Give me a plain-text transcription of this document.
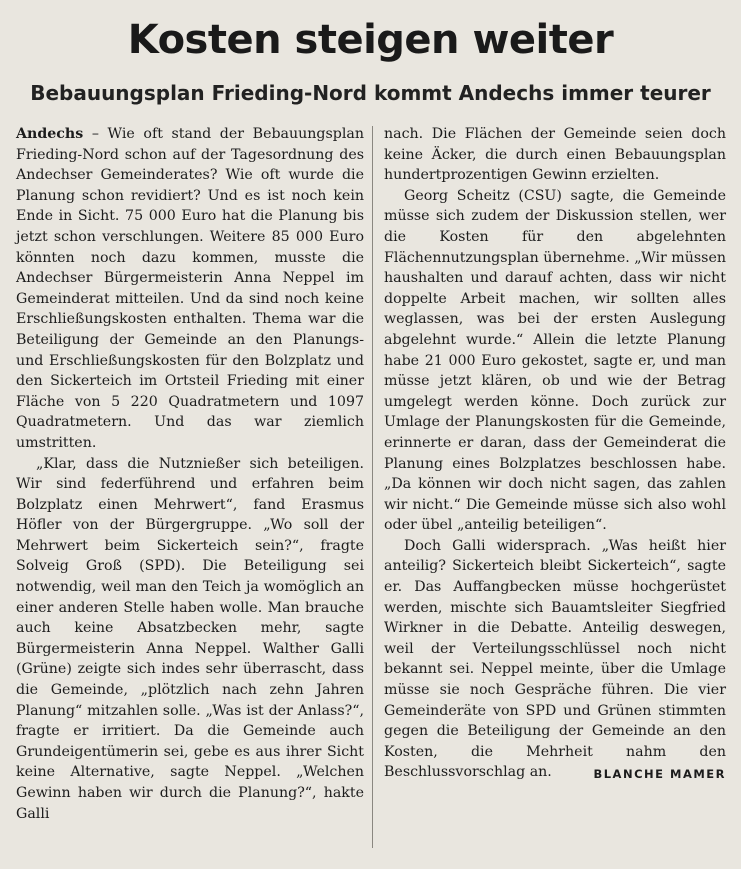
Kosten steigen weiter
Bebauungsplan Frieding-Nord kommt Andechs immer teurer

Andechs – Wie oft stand der Bebauungsplan Frieding-Nord schon auf der Tagesordnung des Andechser Gemeinderates? Wie oft wurde die Planung schon revidiert? Und es ist noch kein Ende in Sicht. 75 000 Euro hat die Planung bis jetzt schon verschlungen. Weitere 85 000 Euro könnten noch dazu kommen, musste die Andechser Bürgermeisterin Anna Neppel im Gemeinderat mitteilen. Und da sind noch keine Erschließungskosten enthalten. Thema war die Beteiligung der Gemeinde an den Planungs- und Erschließungskosten für den Bolzplatz und den Sickerteich im Ortsteil Frieding mit einer Fläche von 5 220 Quadratmetern und 1097 Quadratmetern. Und das war ziemlich umstritten.

„Klar, dass die Nutznießer sich beteiligen. Wir sind federführend und erfahren beim Bolzplatz einen Mehrwert“, fand Erasmus Höfler von der Bürgergruppe. „Wo soll der Mehrwert beim Sickerteich sein?“, fragte Solveig Groß (SPD). Die Beteiligung sei notwendig, weil man den Teich ja womöglich an einer anderen Stelle haben wolle. Man brauche auch keine Absatzbecken mehr, sagte Bürgermeisterin Anna Neppel. Walther Galli (Grüne) zeigte sich indes sehr überrascht, dass die Gemeinde, „plötzlich nach zehn Jahren Planung“ mitzahlen solle. „Was ist der Anlass?“, fragte er irritiert. Da die Gemeinde auch Grundeigentümerin sei, gebe es aus ihrer Sicht keine Alternative, sagte Neppel. „Welchen Gewinn haben wir durch die Planung?“, hakte Galli

nach. Die Flächen der Gemeinde seien doch keine Äcker, die durch einen Bebauungsplan hundertprozentigen Gewinn erzielten.

Georg Scheitz (CSU) sagte, die Gemeinde müsse sich zudem der Diskussion stellen, wer die Kosten für den abgelehnten Flächennutzungsplan übernehme. „Wir müssen haushalten und darauf achten, dass wir nicht doppelte Arbeit machen, wir sollten alles weglassen, was bei der ersten Auslegung abgelehnt wurde.“ Allein die letzte Planung habe 21 000 Euro gekostet, sagte er, und man müsse jetzt klären, ob und wie der Betrag umgelegt werden könne. Doch zurück zur Umlage der Planungskosten für die Gemeinde, erinnerte er daran, dass der Gemeinderat die Planung eines Bolzplatzes beschlossen habe. „Da können wir doch nicht sagen, das zahlen wir nicht.“ Die Gemeinde müsse sich also wohl oder übel „anteilig beteiligen“.

Doch Galli widersprach. „Was heißt hier anteilig? Sickerteich bleibt Sickerteich“, sagte er. Das Auffangbecken müsse hochgerüstet werden, mischte sich Bauamtsleiter Siegfried Wirkner in die Debatte. Anteilig deswegen, weil der Verteilungsschlüssel noch nicht bekannt sei. Neppel meinte, über die Umlage müsse sie noch Gespräche führen. Die vier Gemeinderäte von SPD und Grünen stimmten gegen die Beteiligung der Gemeinde an den Kosten, die Mehrheit nahm den Beschlussvorschlag an.	BLANCHE MAMER
